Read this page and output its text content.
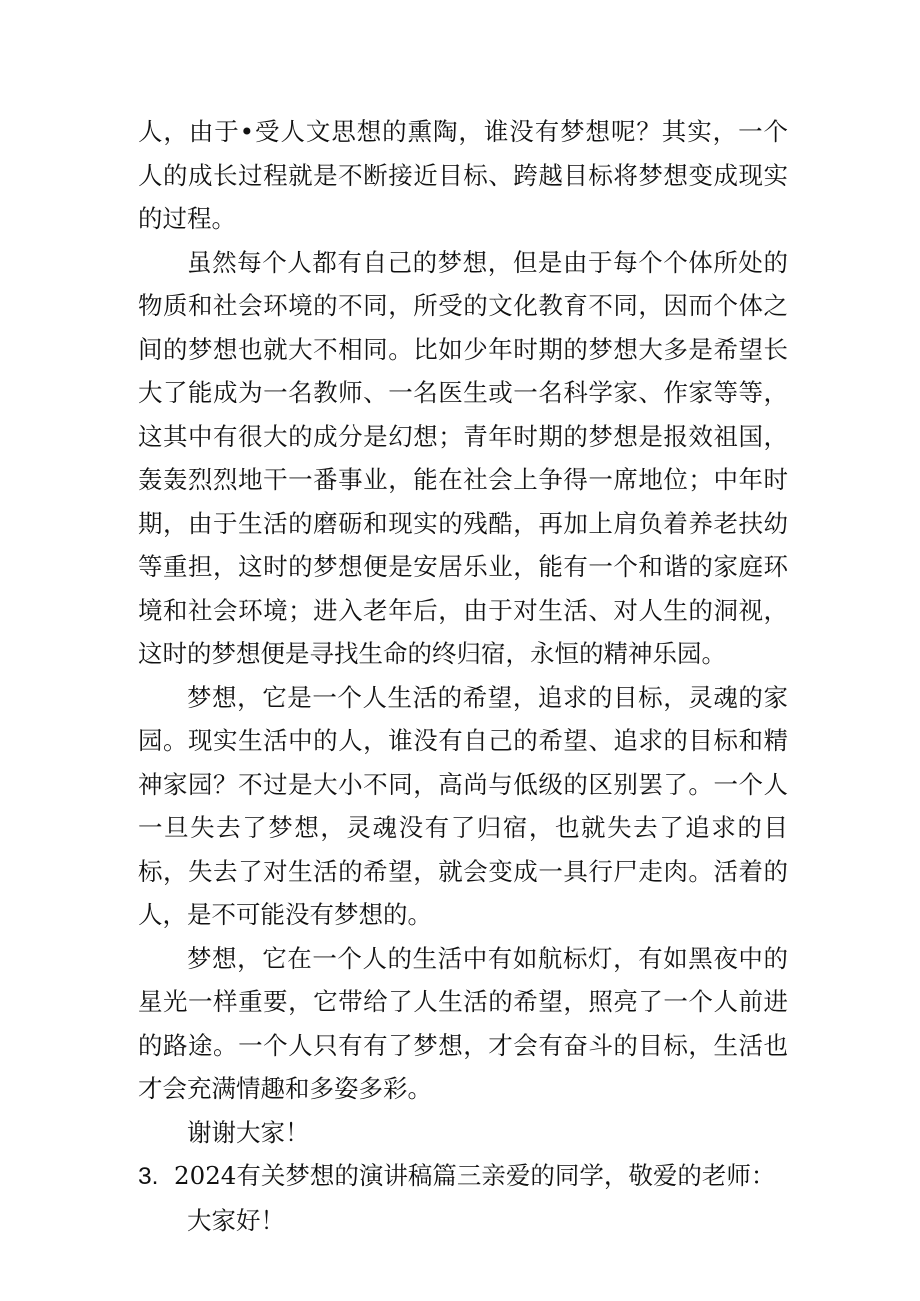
人，由于•受人文思想的熏陶，谁没有梦想呢？其实，一个人的成长过程就是不断接近目标、跨越目标将梦想变成现实的过程。

虽然每个人都有自己的梦想，但是由于每个个体所处的物质和社会环境的不同，所受的文化教育不同，因而个体之间的梦想也就大不相同。比如少年时期的梦想大多是希望长大了能成为一名教师、一名医生或一名科学家、作家等等，这其中有很大的成分是幻想；青年时期的梦想是报效祖国，轰轰烈烈地干一番事业，能在社会上争得一席地位；中年时期，由于生活的磨砺和现实的残酷，再加上肩负着养老扶幼等重担，这时的梦想便是安居乐业，能有一个和谐的家庭环境和社会环境；进入老年后，由于对生活、对人生的洞视，这时的梦想便是寻找生命的终归宿，永恒的精神乐园。

梦想，它是一个人生活的希望，追求的目标，灵魂的家园。现实生活中的人，谁没有自己的希望、追求的目标和精神家园？不过是大小不同，高尚与低级的区别罢了。一个人一旦失去了梦想，灵魂没有了归宿，也就失去了追求的目标，失去了对生活的希望，就会变成一具行尸走肉。活着的人，是不可能没有梦想的。

梦想，它在一个人的生活中有如航标灯，有如黑夜中的星光一样重要，它带给了人生活的希望，照亮了一个人前进的路途。一个人只有有了梦想，才会有奋斗的目标，生活也才会充满情趣和多姿多彩。

谢谢大家！

3. 2024有关梦想的演讲稿篇三亲爱的同学，敬爱的老师：

大家好！
